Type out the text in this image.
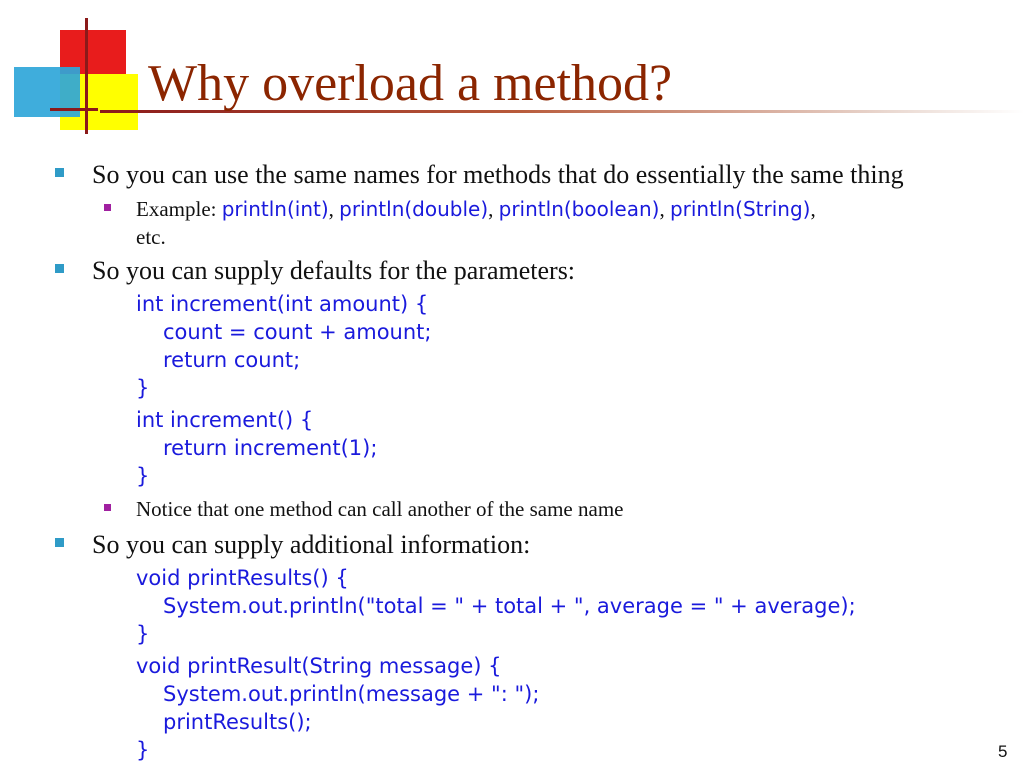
Why overload a method?
So you can use the same names for methods that do essentially the same thing
Example: println(int), println(double), println(boolean), println(String),
etc.
So you can supply defaults for the parameters:
int increment(int amount) {
count = count + amount;
return count;
}
int increment() {
return increment(1);
}
Notice that one method can call another of the same name
So you can supply additional information:
void printResults() {
System.out.println("total = " + total + ", average = " + average);
}
void printResult(String message) {
System.out.println(message + ": ");
printResults();
}	5
